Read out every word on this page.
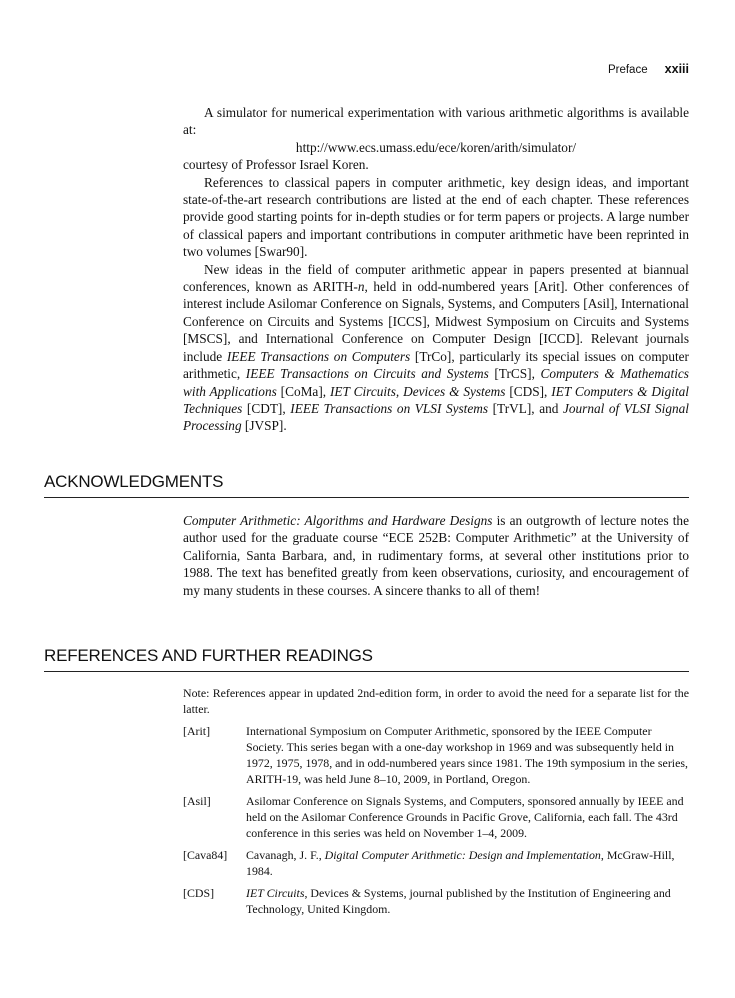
Preface xxiii

A simulator for numerical experimentation with various arithmetic algorithms is available at:

http://www.ecs.umass.edu/ece/koren/arith/simulator/

courtesy of Professor Israel Koren.

References to classical papers in computer arithmetic, key design ideas, and important state-of-the-art research contributions are listed at the end of each chapter. These references provide good starting points for in-depth studies or for term papers or projects. A large number of classical papers and important contributions in computer arithmetic have been reprinted in two volumes [Swar90].

New ideas in the field of computer arithmetic appear in papers presented at biannual conferences, known as ARITH-n, held in odd-numbered years [Arit]. Other conferences of interest include Asilomar Conference on Signals, Systems, and Computers [Asil], International Conference on Circuits and Systems [ICCS], Midwest Symposium on Circuits and Systems [MSCS], and International Conference on Computer Design [ICCD]. Relevant journals include IEEE Transactions on Computers [TrCo], particularly its special issues on computer arithmetic, IEEE Transactions on Circuits and Systems [TrCS], Computers & Mathematics with Applications [CoMa], IET Circuits, Devices & Systems [CDS], IET Computers & Digital Techniques [CDT], IEEE Transactions on VLSI Systems [TrVL], and Journal of VLSI Signal Processing [JVSP].

ACKNOWLEDGMENTS

Computer Arithmetic: Algorithms and Hardware Designs is an outgrowth of lecture notes the author used for the graduate course “ECE 252B: Computer Arithmetic” at the University of California, Santa Barbara, and, in rudimentary forms, at several other institutions prior to 1988. The text has benefited greatly from keen observations, curiosity, and encouragement of my many students in these courses. A sincere thanks to all of them!

REFERENCES AND FURTHER READINGS

Note: References appear in updated 2nd-edition form, in order to avoid the need for a separate list for the latter.

[Arit]	International Symposium on Computer Arithmetic, sponsored by the IEEE Computer Society. This series began with a one-day workshop in 1969 and was subsequently held in 1972, 1975, 1978, and in odd-numbered years since 1981. The 19th symposium in the series, ARITH-19, was held June 8–10, 2009, in Portland, Oregon.
[Asil]	Asilomar Conference on Signals Systems, and Computers, sponsored annually by IEEE and held on the Asilomar Conference Grounds in Pacific Grove, California, each fall. The 43rd conference in this series was held on November 1–4, 2009.
[Cava84]	Cavanagh, J. F., Digital Computer Arithmetic: Design and Implementation, McGraw-Hill, 1984.
[CDS]	IET Circuits, Devices & Systems, journal published by the Institution of Engineering and Technology, United Kingdom.
